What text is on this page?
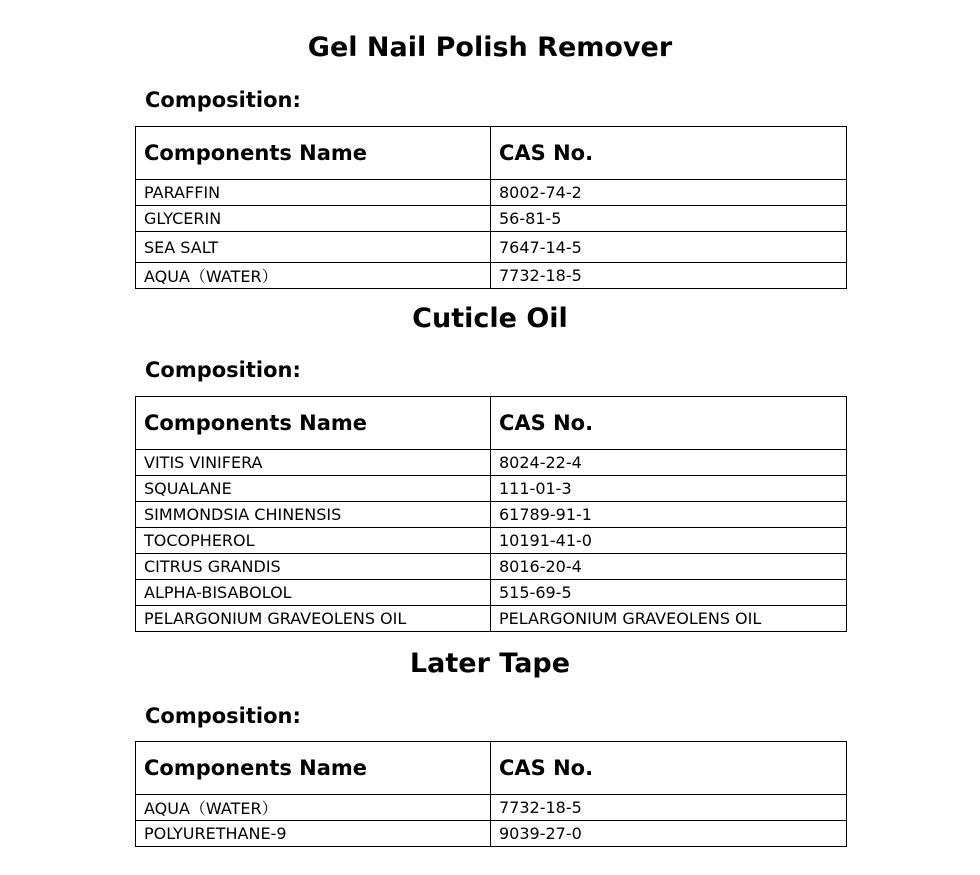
Gel Nail Polish Remover
Composition:
Components Name	CAS No.
PARAFFIN	8002-74-2
GLYCERIN	56-81-5
SEA SALT	7647-14-5
AQUA（WATER）	7732-18-5
Cuticle Oil
Composition:
Components Name	CAS No.
VITIS VINIFERA	8024-22-4
SQUALANE	111-01-3
SIMMONDSIA CHINENSIS	61789-91-1
TOCOPHEROL	10191-41-0
CITRUS GRANDIS	8016-20-4
ALPHA-BISABOLOL	515-69-5
PELARGONIUM GRAVEOLENS OIL	PELARGONIUM GRAVEOLENS OIL
Later Tape
Composition:
Components Name	CAS No.
AQUA（WATER）	7732-18-5
POLYURETHANE-9	9039-27-0
